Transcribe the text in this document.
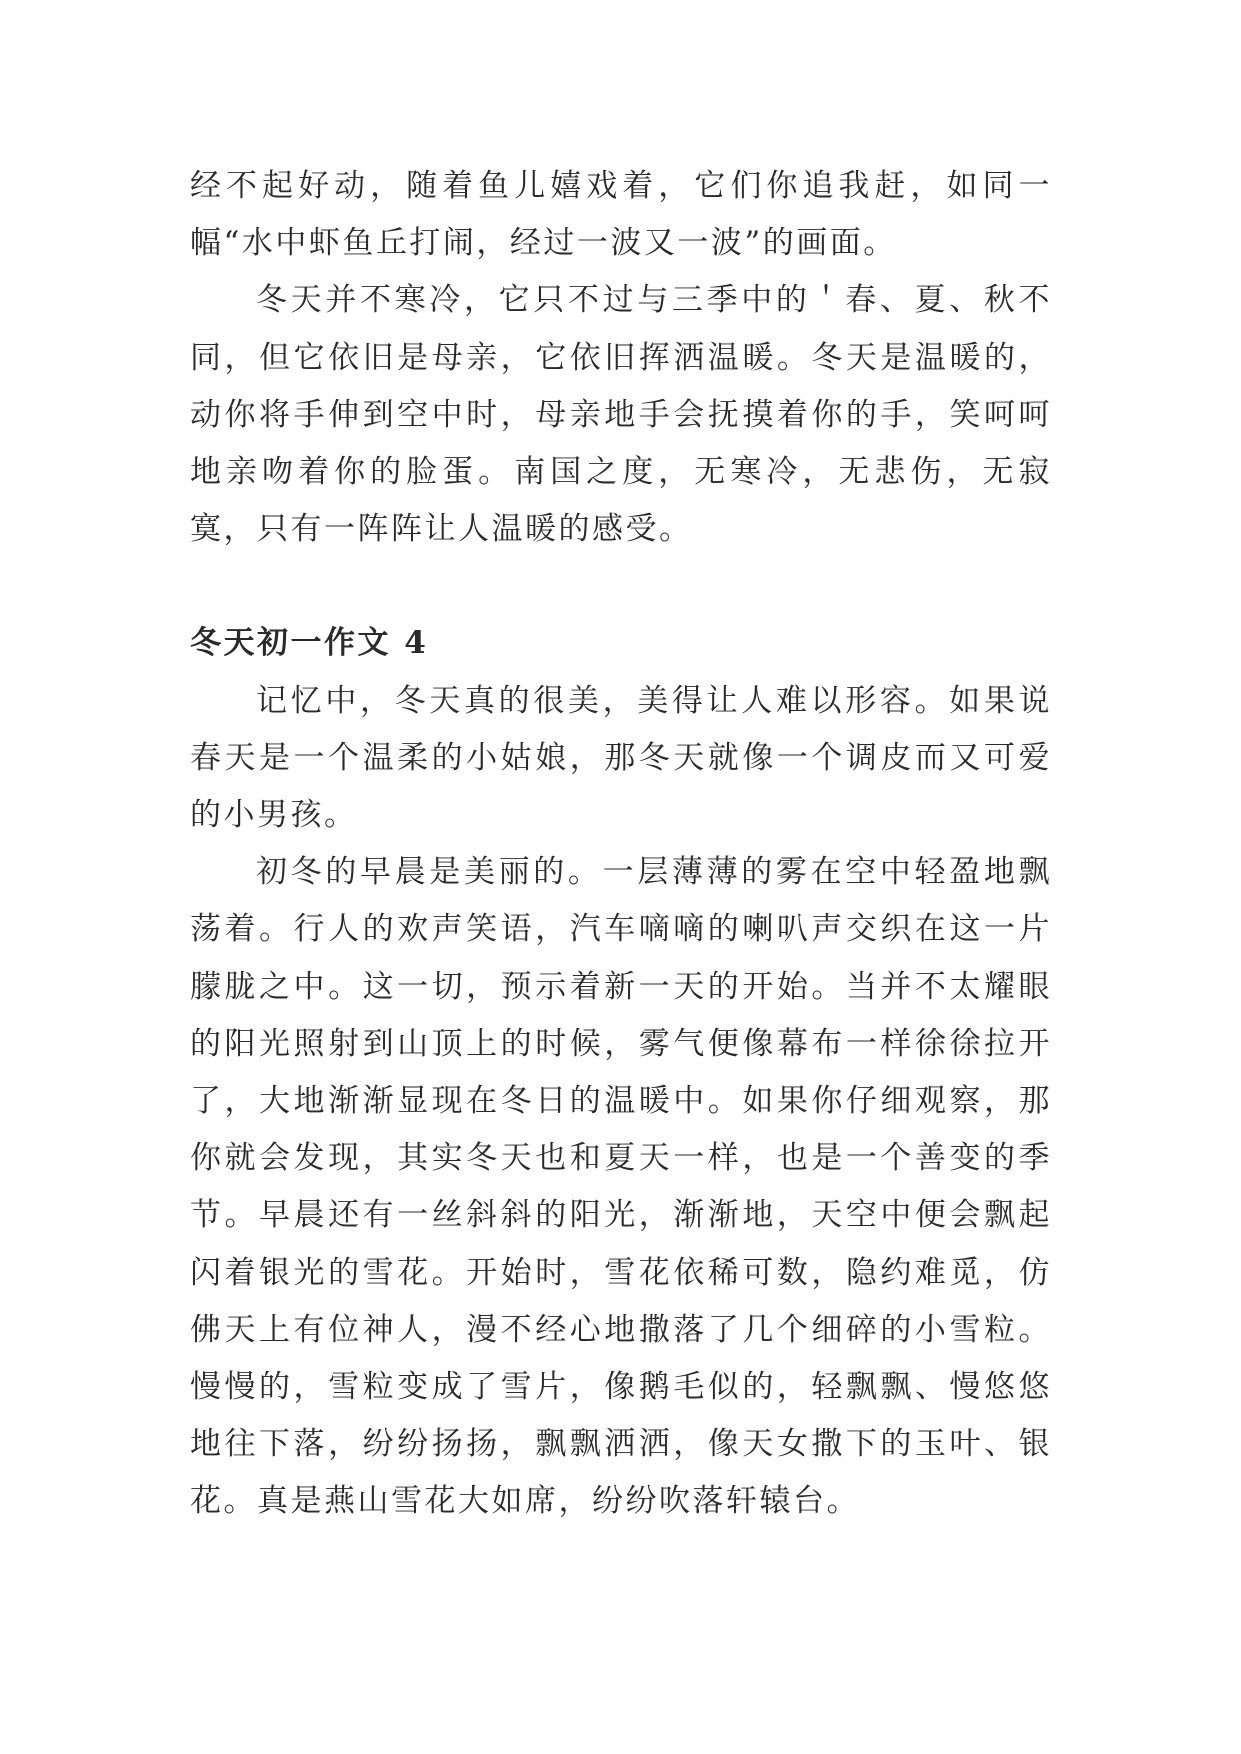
经不起好动，随着鱼儿嬉戏着，它们你追我赶，如同一幅“水中虾鱼丘打闹，经过一波又一波”的画面。

冬天并不寒冷，它只不过与三季中的＇春、夏、秋不同，但它依旧是母亲，它依旧挥洒温暖。冬天是温暖的，动你将手伸到空中时，母亲地手会抚摸着你的手，笑呵呵地亲吻着你的脸蛋。南国之度，无寒冷，无悲伤，无寂寞，只有一阵阵让人温暖的感受。

冬天初一作文 4

记忆中，冬天真的很美，美得让人难以形容。如果说春天是一个温柔的小姑娘，那冬天就像一个调皮而又可爱的小男孩。

初冬的早晨是美丽的。一层薄薄的雾在空中轻盈地飘荡着。行人的欢声笑语，汽车嘀嘀的喇叭声交织在这一片朦胧之中。这一切，预示着新一天的开始。当并不太耀眼的阳光照射到山顶上的时候，雾气便像幕布一样徐徐拉开了，大地渐渐显现在冬日的温暖中。如果你仔细观察，那你就会发现，其实冬天也和夏天一样，也是一个善变的季节。早晨还有一丝斜斜的阳光，渐渐地，天空中便会飘起闪着银光的雪花。开始时，雪花依稀可数，隐约难觅，仿佛天上有位神人，漫不经心地撒落了几个细碎的小雪粒。慢慢的，雪粒变成了雪片，像鹅毛似的，轻飘飘、慢悠悠地往下落，纷纷扬扬，飘飘洒洒，像天女撒下的玉叶、银花。真是燕山雪花大如席，纷纷吹落轩辕台。
